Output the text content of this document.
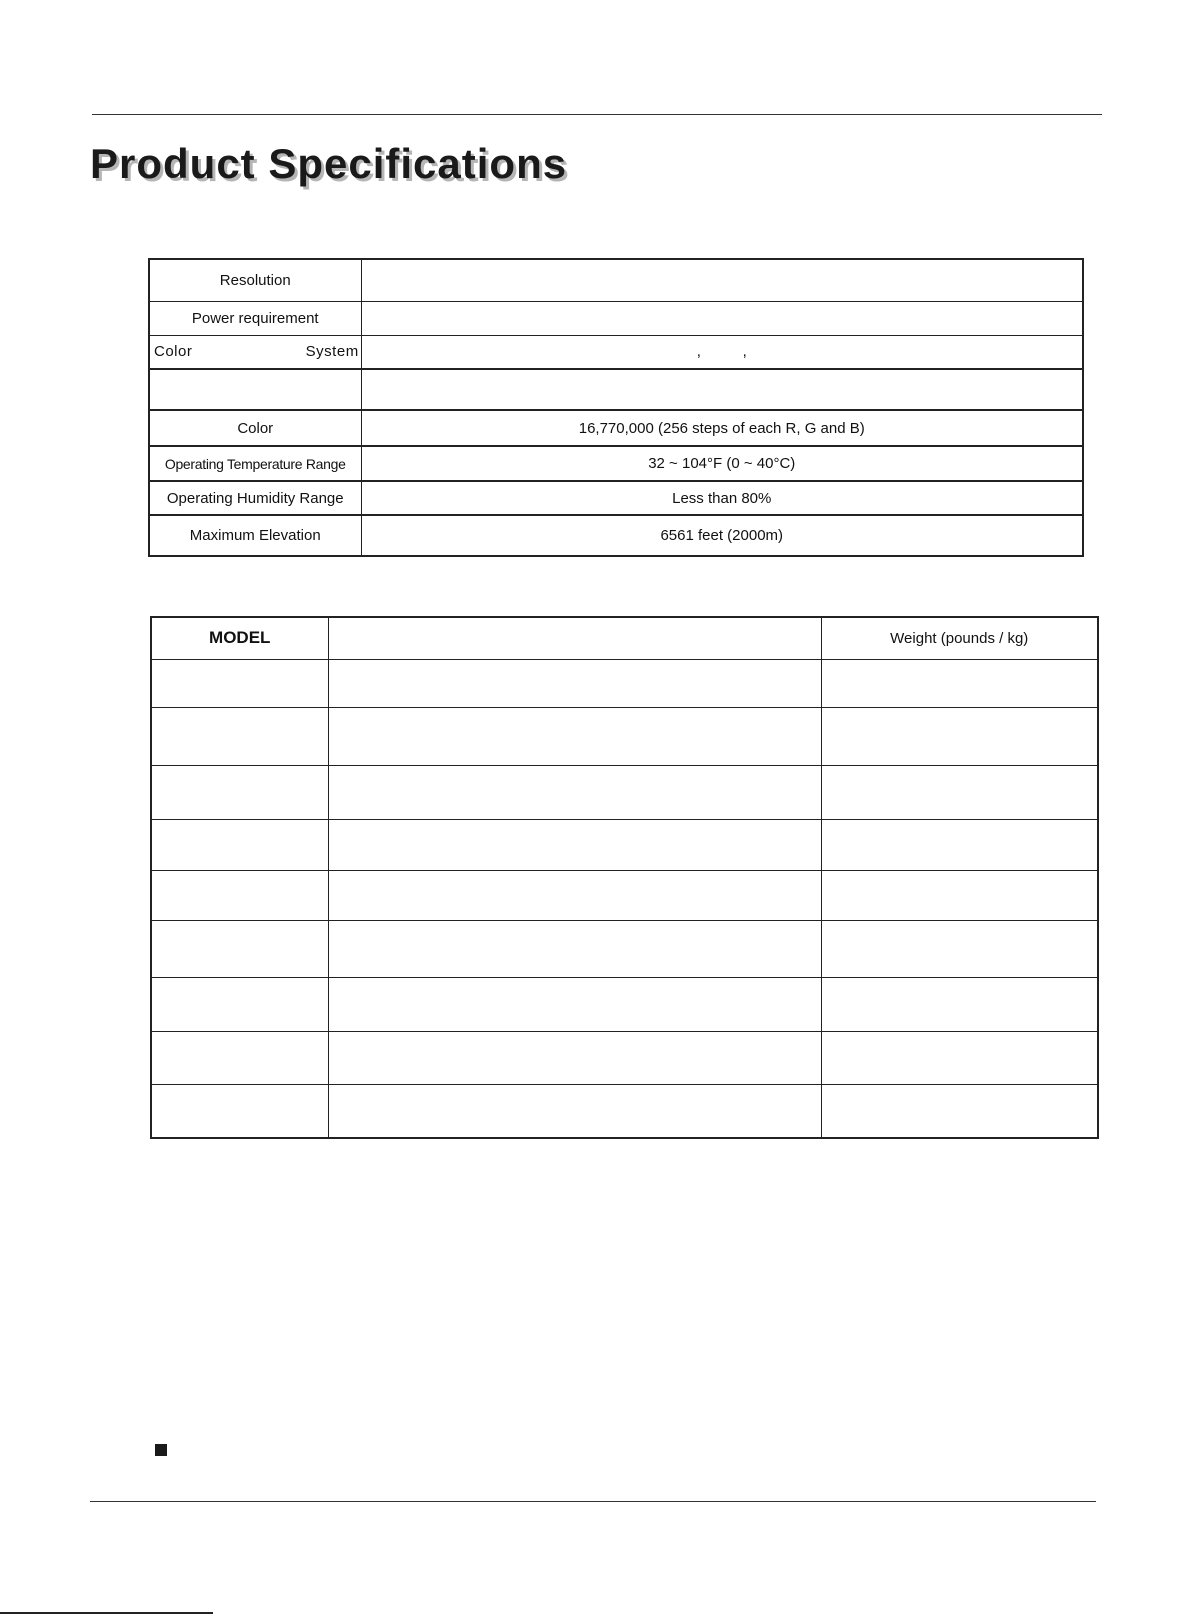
Product Specifications
Resolution	
Power requirement	
Color     System	,          ,

Color	16,770,000 (256 steps of each R, G and B)
Operating Temperature Range	32 ~ 104°F (0 ~ 40°C)
Operating Humidity Range	Less than 80%
Maximum Elevation	6561 feet (2000m)
MODEL		Weight (pounds / kg)
